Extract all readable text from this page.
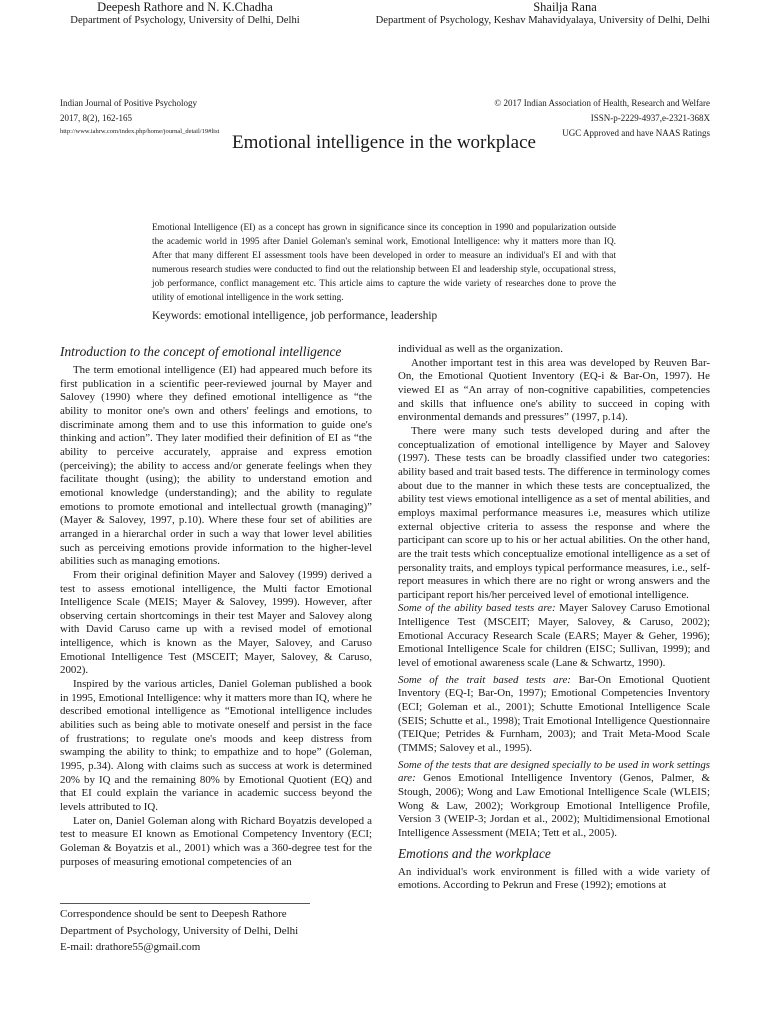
Indian Journal of Positive Psychology
2017, 8(2), 162-165
http://www.iahrw.com/index.php/home/journal_detail/19#list
© 2017 Indian Association of Health, Research and Welfare
ISSN-p-2229-4937,e-2321-368X
UGC Approved and have NAAS Ratings
Emotional intelligence in the workplace
Deepesh Rathore and N. K.Chadha
Department of Psychology, University of Delhi, Delhi
Shailja Rana
Department of Psychology, Keshav Mahavidyalaya, University of Delhi, Delhi
Emotional Intelligence (EI) as a concept has grown in significance since its conception in 1990 and popularization outside the academic world in 1995 after Daniel Goleman's seminal work, Emotional Intelligence: why it matters more than IQ. After that many different EI assessment tools have been developed in order to measure an individual's EI and with that numerous research studies were conducted to find out the relationship between EI and leadership style, occupational stress, job performance, conflict management etc. This article aims to capture the wide variety of researches done to prove the utility of emotional intelligence in the work setting.
Keywords: emotional intelligence, job performance, leadership
Introduction to the concept of emotional intelligence

The term emotional intelligence (EI) had appeared much before its first publication in a scientific peer-reviewed journal by Mayer and Salovey (1990) where they defined emotional intelligence as “the ability to monitor one's own and others' feelings and emotions, to discriminate among them and to use this information to guide one's thinking and action”. They later modified their definition of EI as “the ability to perceive accurately, appraise and express emotion (perceiving); the ability to access and/or generate feelings when they facilitate thought (using); the ability to understand emotion and emotional knowledge (understanding); and the ability to regulate emotions to promote emotional and intellectual growth (managing)” (Mayer & Salovey, 1997, p.10). Where these four set of abilities are arranged in a hierarchal order in such a way that lower level abilities such as perceiving emotions provide information to the higher-level abilities such as managing emotions.

From their original definition Mayer and Salovey (1999) derived a test to assess emotional intelligence, the Multi factor Emotional Intelligence Scale (MEIS; Mayer & Salovey, 1999). However, after observing certain shortcomings in their test Mayer and Salovey along with David Caruso came up with a revised model of emotional intelligence, which is known as the Mayer, Salovey, and Caruso Emotional Intelligence Test (MSCEIT; Mayer, Salovey, & Caruso, 2002).

Inspired by the various articles, Daniel Goleman published a book in 1995, Emotional Intelligence: why it matters more than IQ, where he described emotional intelligence as “Emotional intelligence includes abilities such as being able to motivate oneself and persist in the face of frustrations; to regulate one's moods and keep distress from swamping the ability to think; to empathize and to hope” (Goleman, 1995, p.34). Along with claims such as success at work is determined 20% by IQ and the remaining 80% by Emotional Quotient (EQ) and that EI could explain the variance in academic success beyond the levels attributed to IQ.

Later on, Daniel Goleman along with Richard Boyatzis developed a test to measure EI known as Emotional Competency Inventory (ECI; Goleman & Boyatzis et al., 2001) which was a 360-degree test for the purposes of measuring emotional competencies of an

individual as well as the organization.

Another important test in this area was developed by Reuven Bar-On, the Emotional Quotient Inventory (EQ-i & Bar-On, 1997). He viewed EI as “An array of non-cognitive capabilities, competencies and skills that influence one's ability to succeed in coping with environmental demands and pressures” (1997, p.14).

There were many such tests developed during and after the conceptualization of emotional intelligence by Mayer and Salovey (1997). These tests can be broadly classified under two categories: ability based and trait based tests. The difference in terminology comes about due to the manner in which these tests are conceptualized, the ability test views emotional intelligence as a set of mental abilities, and employs maximal performance measures i.e, measures which utilize external objective criteria to assess the response and where the participant can score up to his or her actual abilities. On the other hand, are the trait tests which conceptualize emotional intelligence as a set of personality traits, and employs typical performance measures, i.e., self-report measures in which there are no right or wrong answers and the participant report his/her perceived level of emotional intelligence.

Some of the ability based tests are: Mayer Salovey Caruso Emotional Intelligence Test (MSCEIT; Mayer, Salovey, & Caruso, 2002); Emotional Accuracy Research Scale (EARS; Mayer & Geher, 1996); Emotional Intelligence Scale for children (EISC; Sullivan, 1999); and level of emotional awareness scale (Lane & Schwartz, 1990).

Some of the trait based tests are: Bar-On Emotional Quotient Inventory (EQ-I; Bar-On, 1997); Emotional Competencies Inventory (ECI; Goleman et al., 2001); Schutte Emotional Intelligence Scale (SEIS; Schutte et al., 1998); Trait Emotional Intelligence Questionnaire (TEIQue; Petrides & Furnham, 2003); and Trait Meta-Mood Scale (TMMS; Salovey et al., 1995).

Some of the tests that are designed specially to be used in work settings are: Genos Emotional Intelligence Inventory (Genos, Palmer, & Stough, 2006); Wong and Law Emotional Intelligence Scale (WLEIS; Wong & Law, 2002); Workgroup Emotional Intelligence Profile, Version 3 (WEIP-3; Jordan et al., 2002); Multidimensional Emotional Intelligence Assessment (MEIA; Tett et al., 2005).

Emotions and the workplace

An individual's work environment is filled with a wide variety of emotions. According to Pekrun and Frese (1992); emotions at

Correspondence should be sent to Deepesh Rathore
Department of Psychology, University of Delhi, Delhi
E-mail: drathore55@gmail.com
